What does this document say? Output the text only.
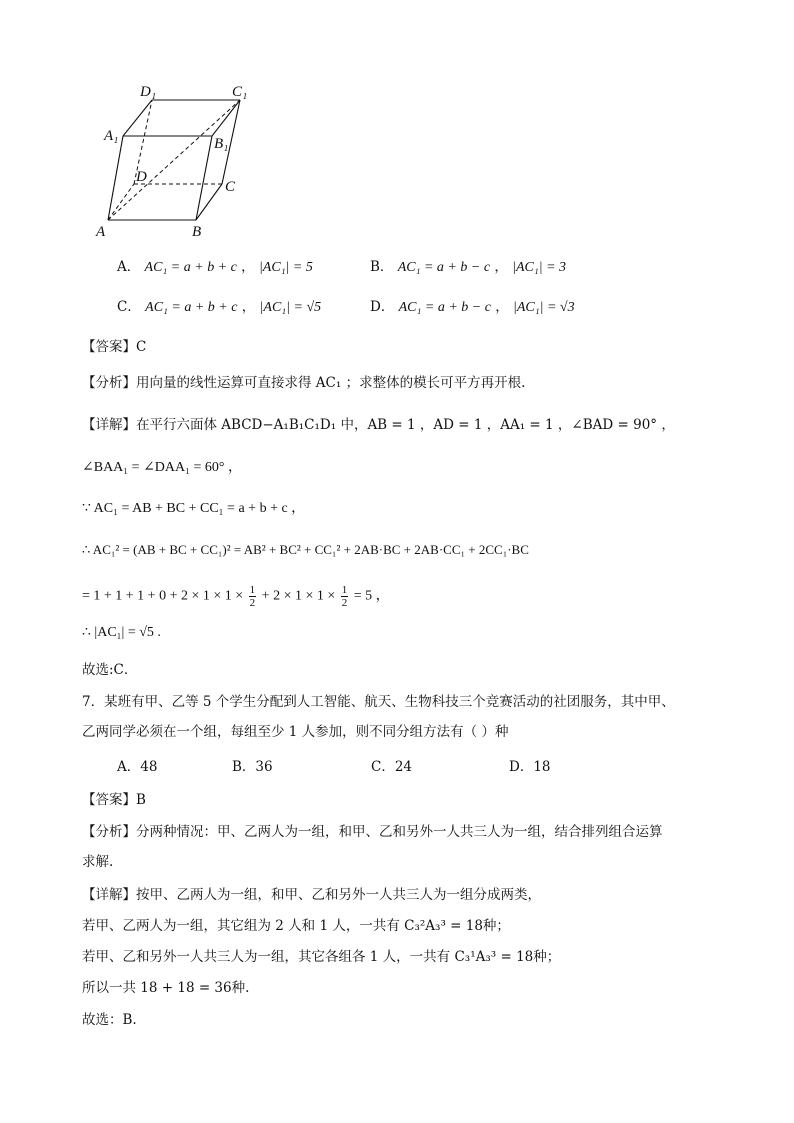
D₁	C₁
A₁	B₁
D
C
A	B
A． AC₁ = a + b + c ， |AC₁| = 5	B． AC₁ = a + b − c ， |AC₁| = 3
C． AC₁ = a + b + c ， |AC₁| = √5	D． AC₁ = a + b − c ， |AC₁| = √3
【答案】C
【分析】用向量的线性运算可直接求得 AC₁ ；求整体的模长可平方再开根.
【详解】在平行六面体 ABCD−A₁B₁C₁D₁ 中，AB = 1 ，AD = 1 ，AA₁ = 1 ，∠BAD = 90° ，
∠BAA₁ = ∠DAA₁ = 60° ，
∵ AC₁ = AB + BC + CC₁ = a + b + c ，
∴ AC₁² = (AB + BC + CC₁)² = AB² + BC² + CC₁² + 2AB·BC + 2AB·CC₁ + 2CC₁·BC
= $1 + 1 + 1 + 0 + 2 \times 1 \times 1 \times \frac{1}{2} + 2 \times 1 \times 1 \times \frac{1}{2} = 5$ ，
∴ |AC₁| = √5 .
故选:C．
7．某班有甲、乙等 5 个学生分配到人工智能、航天、生物科技三个竞赛活动的社团服务，其中甲、
乙两同学必须在一个组，每组至少 1 人参加，则不同分组方法有（ ）种
A．48	B．36	C．24	D．18
【答案】B
【分析】分两种情况：甲、乙两人为一组，和甲、乙和另外一人共三人为一组，结合排列组合运算
求解.
【详解】按甲、乙两人为一组，和甲、乙和另外一人共三人为一组分成两类，
若甲、乙两人为一组，其它组为 2 人和 1 人，一共有 C₃²A₃³ = 18种；
若甲、乙和另外一人共三人为一组，其它各组各 1 人，一共有 C₃¹A₃³ = 18种；
所以一共 18 + 18 = 36种.
故选：B.
